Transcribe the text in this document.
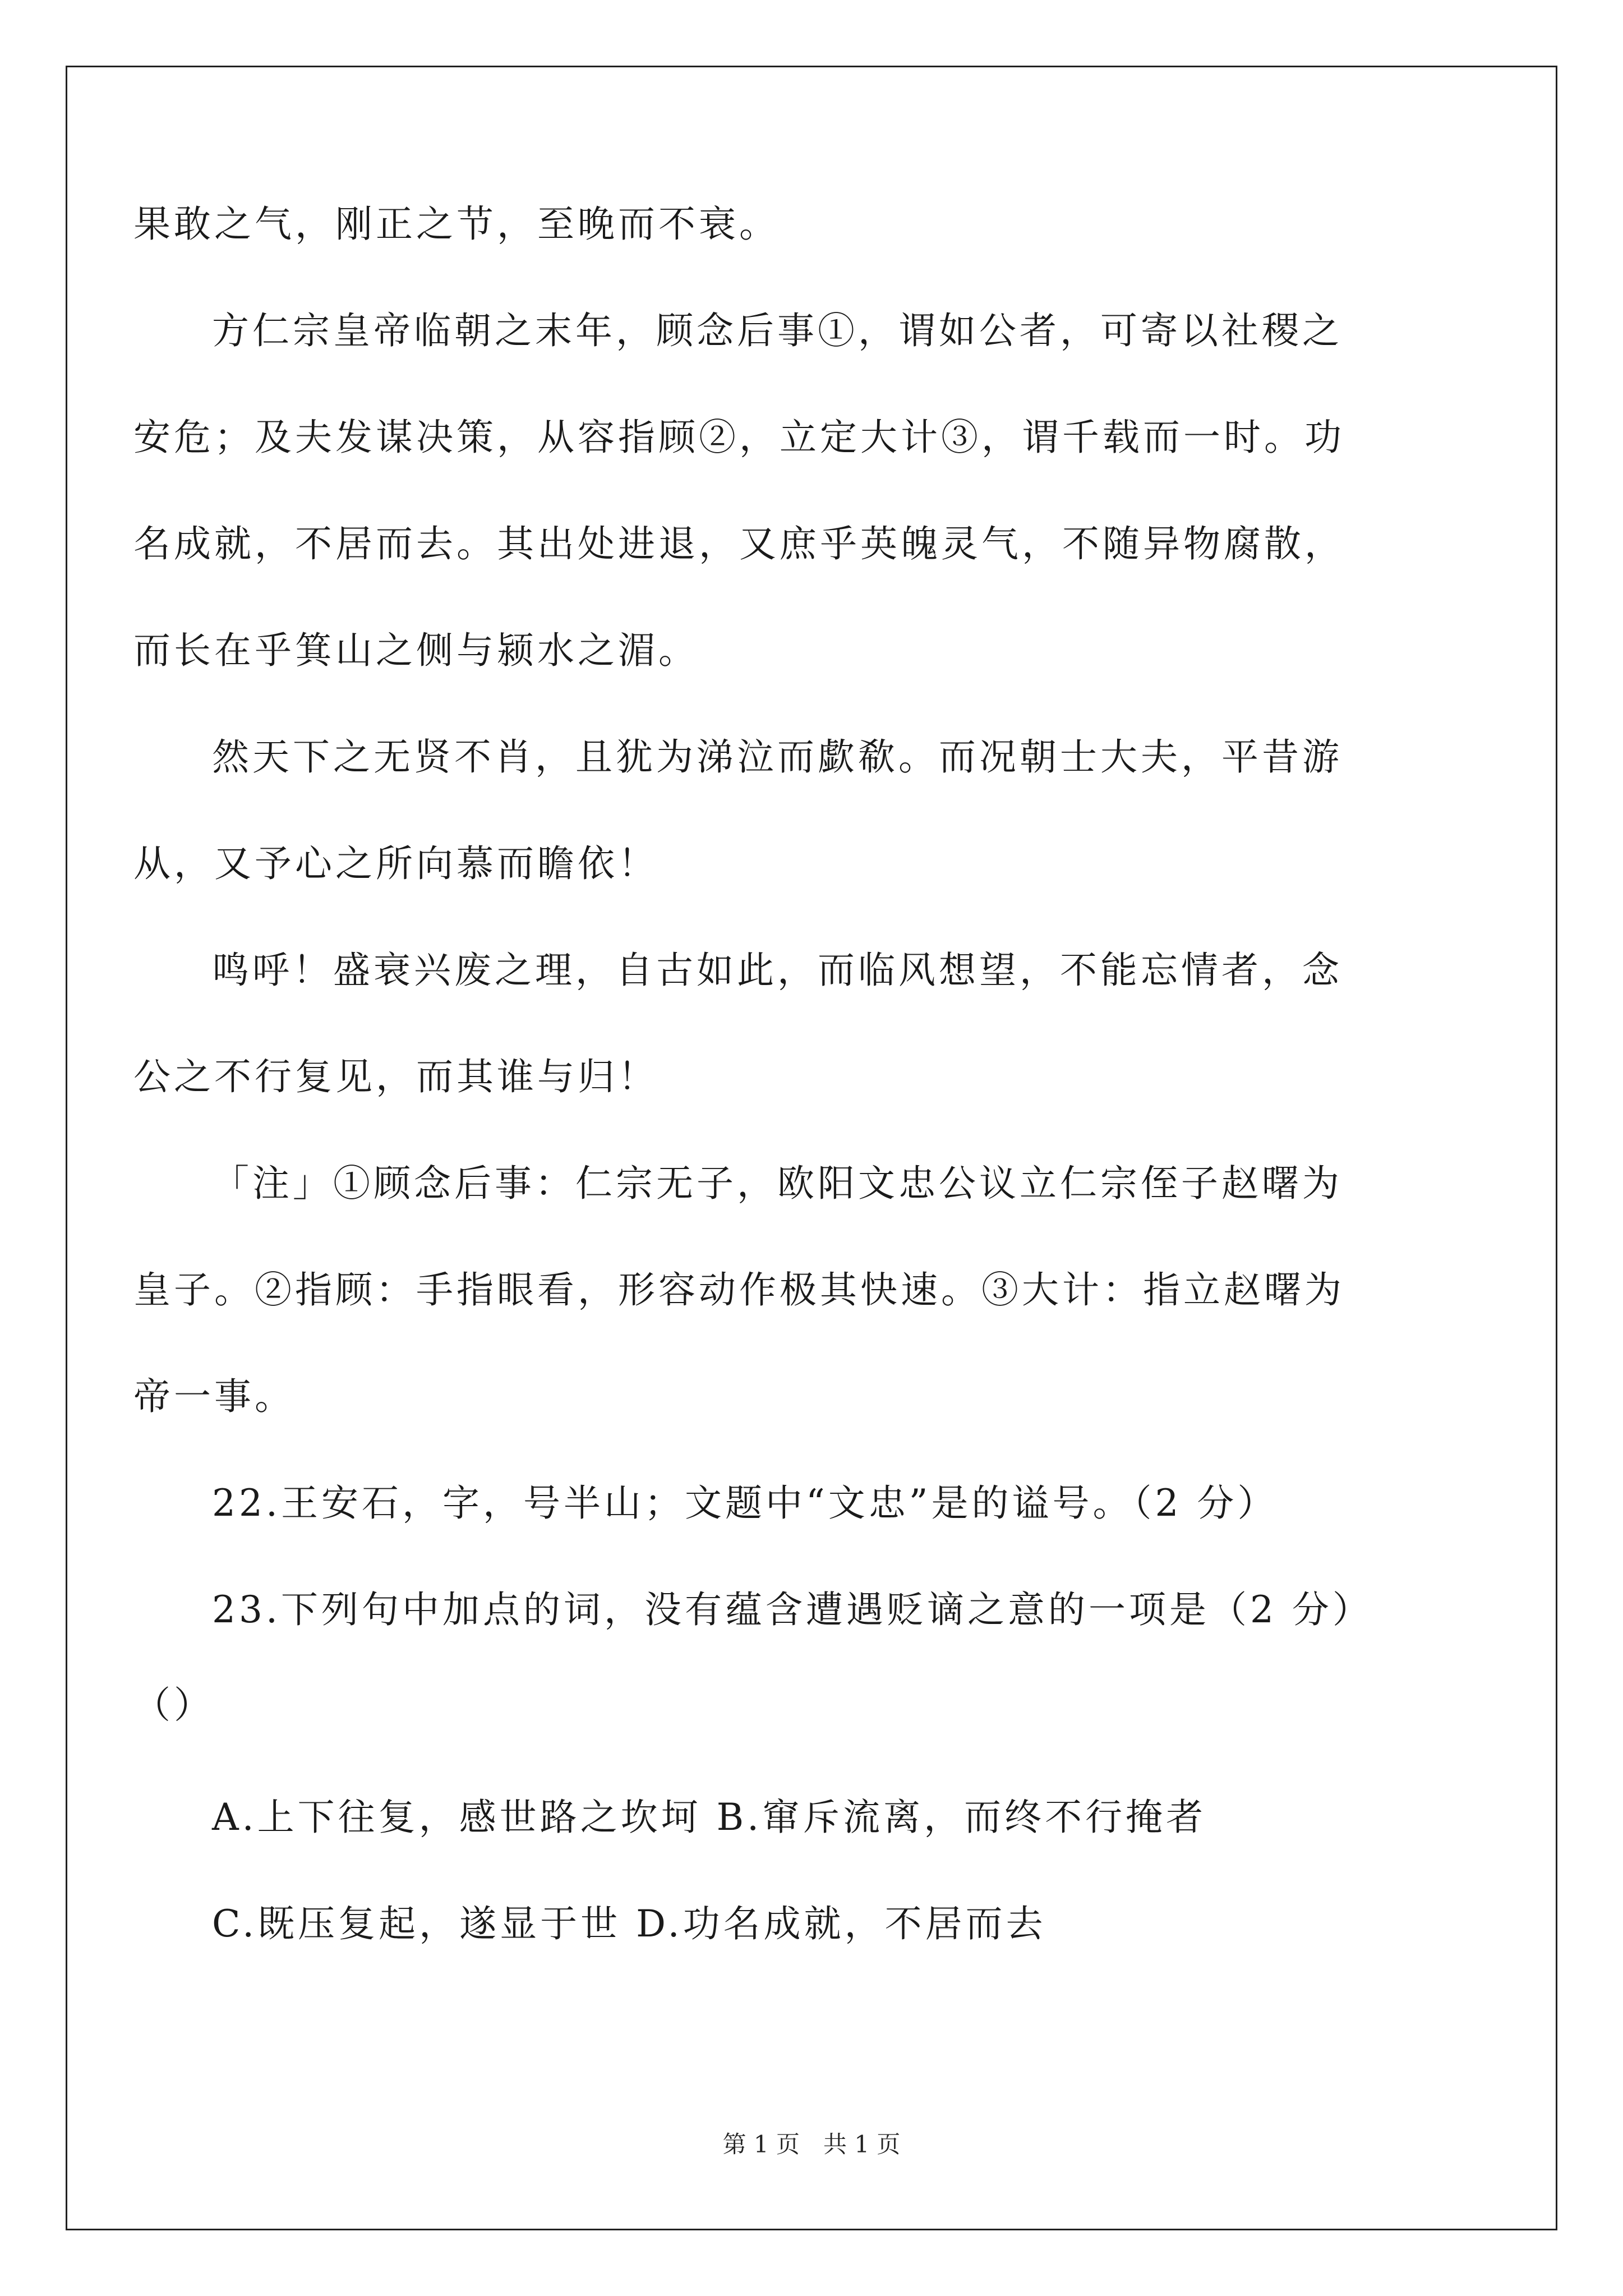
果敢之气，刚正之节，至晚而不衰。
方仁宗皇帝临朝之末年，顾念后事①，谓如公者，可寄以社稷之
安危；及夫发谋决策，从容指顾②，立定大计③，谓千载而一时。功
名成就，不居而去。其出处进退，又庶乎英魄灵气，不随异物腐散，
而长在乎箕山之侧与颍水之湄。
然天下之无贤不肖，且犹为涕泣而歔欷。而况朝士大夫，平昔游
从，又予心之所向慕而瞻依！
鸣呼！盛衰兴废之理，自古如此，而临风想望，不能忘情者，念
公之不行复见，而其谁与归！
「注」①顾念后事：仁宗无子，欧阳文忠公议立仁宗侄子赵曙为
皇子。②指顾：手指眼看，形容动作极其快速。③大计：指立赵曙为
帝一事。
22.王安石，字，号半山；文题中“文忠”是的谥号。（2 分）
23.下列句中加点的词，没有蕴含遭遇贬谪之意的一项是（2 分）
（）
A.上下往复，感世路之坎坷 B.窜斥流离，而终不行掩者
C.既压复起，遂显于世 D.功名成就，不居而去
第 1 页　共 1 页
